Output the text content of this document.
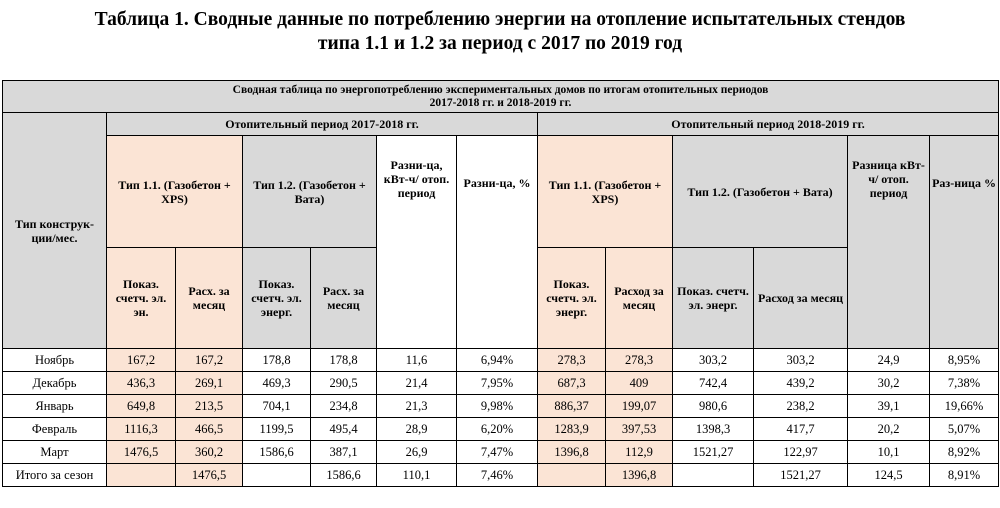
Таблица 1. Сводные данные по потреблению энергии на отопление испытательных стендов
типа 1.1 и 1.2 за период с 2017 по 2019 год
Сводная таблица по энергопотреблению экспериментальных домов по итогам отопительных периодов
2017-2018 гг. и 2018-2019 гг.												

Тип конструк-ции/мес.	Отопительный период 2017-2018 гг.						Отопительный период 2018-2019 гг.					
	Тип 1.1. (Газобетон + XPS)		Тип 1.2. (Газобетон + Вата)		Разни-ца, кВт-ч/ отоп. период	Разни-ца, %	Тип 1.1. (Газобетон + XPS)		Тип 1.2. (Газобетон + Вата)		Разница кВт-ч/ отоп. период	Раз-ница %
	Показ. счетч. эл. эн.	Расх. за месяц	Показ. счетч. эл. энерг.	Расх. за месяц			Показ. счетч. эл. энерг.	Расход за месяц	Показ. счетч. эл. энерг.	Расход за месяц		
Ноябрь	167,2	167,2	178,8	178,8	11,6	6,94%	278,3	278,3	303,2	303,2	24,9	8,95%
Декабрь	436,3	269,1	469,3	290,5	21,4	7,95%	687,3	409	742,4	439,2	30,2	7,38%
Январь	649,8	213,5	704,1	234,8	21,3	9,98%	886,37	199,07	980,6	238,2	39,1	19,66%
Февраль	1116,3	466,5	1199,5	495,4	28,9	6,20%	1283,9	397,53	1398,3	417,7	20,2	5,07%
Март	1476,5	360,2	1586,6	387,1	26,9	7,47%	1396,8	112,9	1521,27	122,97	10,1	8,92%
Итого за сезон		1476,5		1586,6	110,1	7,46%		1396,8		1521,27	124,5	8,91%
